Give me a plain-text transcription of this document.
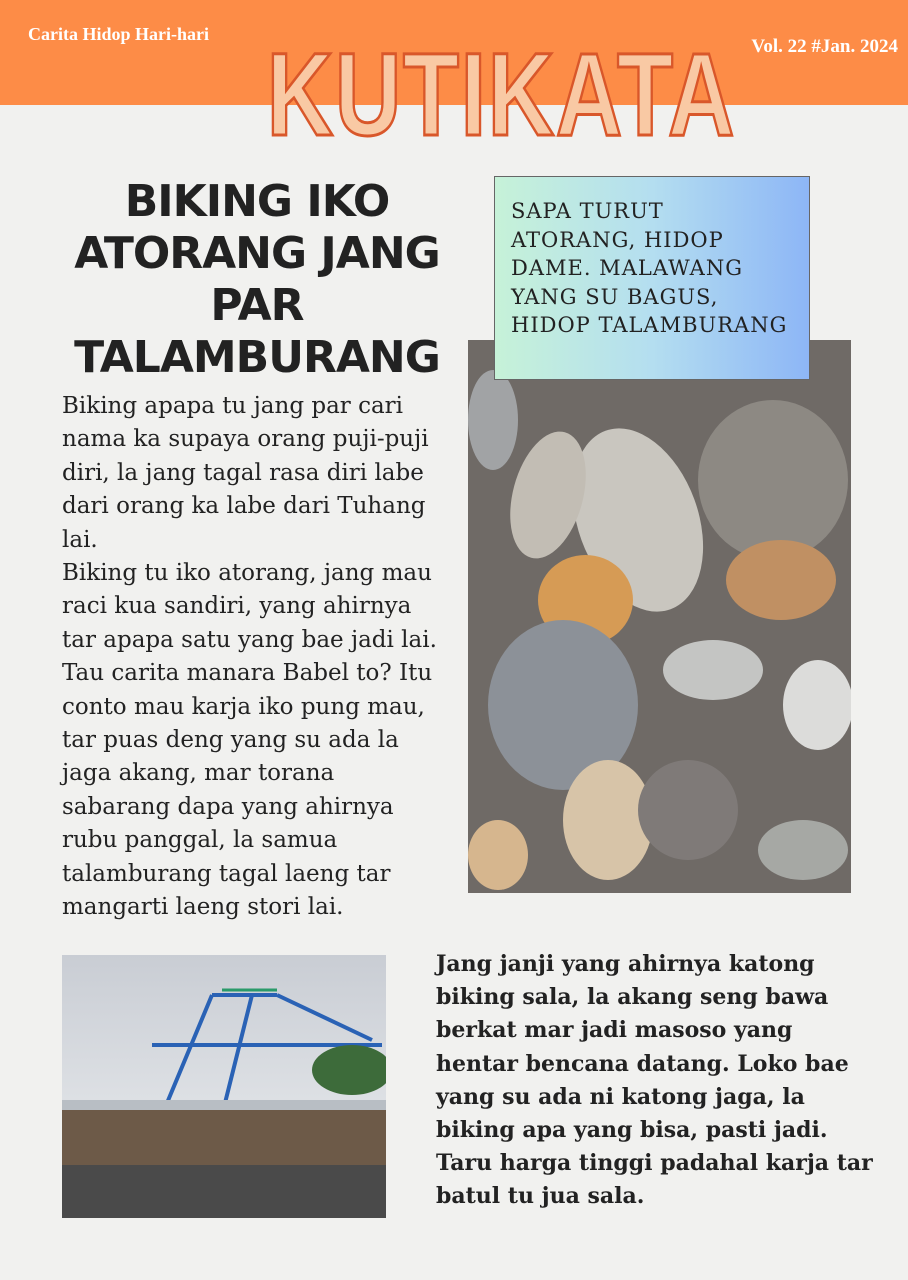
Carita Hidop Hari-hari
Vol. 22 #Jan. 2024
KUTIKATA
BIKING IKO ATORANG JANG PAR TALAMBURANG
Biking apapa tu jang par cari nama ka supaya orang puji-puji diri, la jang tagal rasa diri labe dari orang ka labe dari Tuhang lai.
Biking tu iko atorang, jang mau raci kua sandiri, yang ahirnya tar apapa satu yang bae jadi lai.
Tau carita manara Babel to? Itu conto mau karja iko pung mau, tar puas deng yang su ada la jaga akang, mar torana sabarang dapa yang ahirnya rubu panggal, la samua talamburang tagal laeng tar mangarti laeng stori lai.
SAPA TURUT ATORANG, HIDOP DAME. MALAWANG YANG SU BAGUS, HIDOP TALAMBURANG
Jang janji yang ahirnya katong biking sala, la akang seng bawa berkat mar jadi masoso yang hentar bencana datang. Loko bae yang su ada ni katong jaga, la biking apa yang bisa, pasti jadi. Taru harga tinggi padahal karja tar batul tu jua sala.
